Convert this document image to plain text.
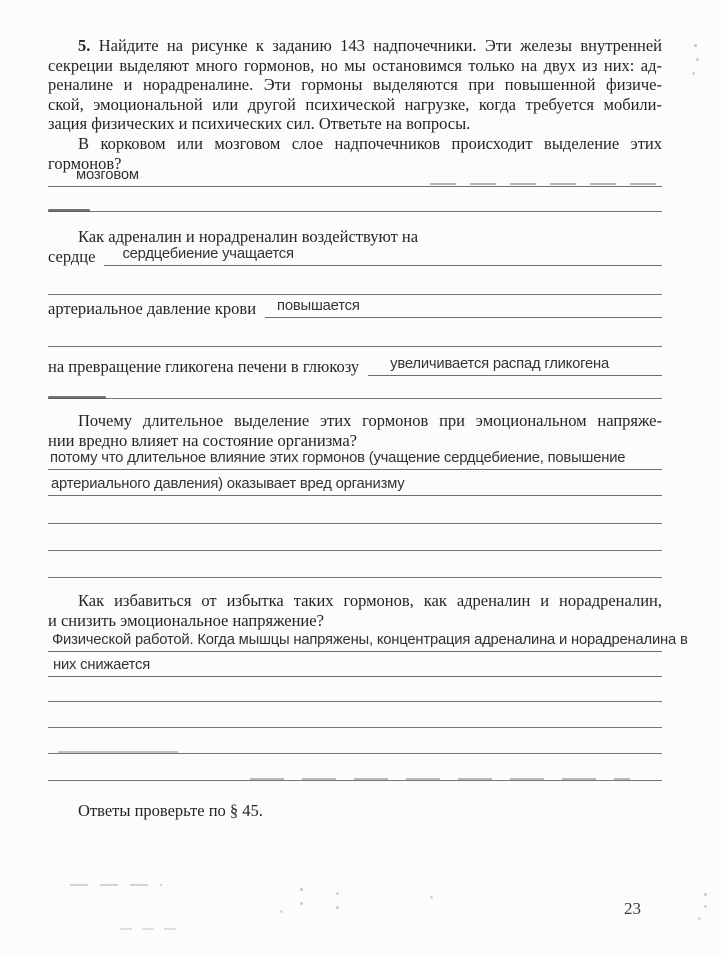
5. Найдите на рисунке к заданию 143 надпочечники. Эти железы внутренней
секреции выделяют много гормонов, но мы остановимся только на двух из них: ад-
реналине и норадреналине. Эти гормоны выделяются при повышенной физиче-
ской, эмоциональной или другой психической нагрузке, когда требуется мобили-
зация физических и психических сил. Ответьте на вопросы.
В корковом или мозговом слое надпочечников происходит выделение этих
гормонов?
мозговом
Как адреналин и норадреналин воздействуют на
сердце	сердцебиение учащается
артериальное давление крови	повышается
на превращение гликогена печени в глюкозу	увеличивается распад гликогена
Почему длительное выделение этих гормонов при эмоциональном напряже-
нии вредно влияет на состояние организма?
потому что длительное влияние этих гормонов (учащение сердцебиение, повышение
артериального давления) оказывает вред организму
Как избавиться от избытка таких гормонов, как адреналин и норадреналин,
и снизить эмоциональное напряжение?
Физической работой. Когда мышцы напряжены, концентрация адреналина и норадреналина в
них снижается
Ответы проверьте по § 45.
23
